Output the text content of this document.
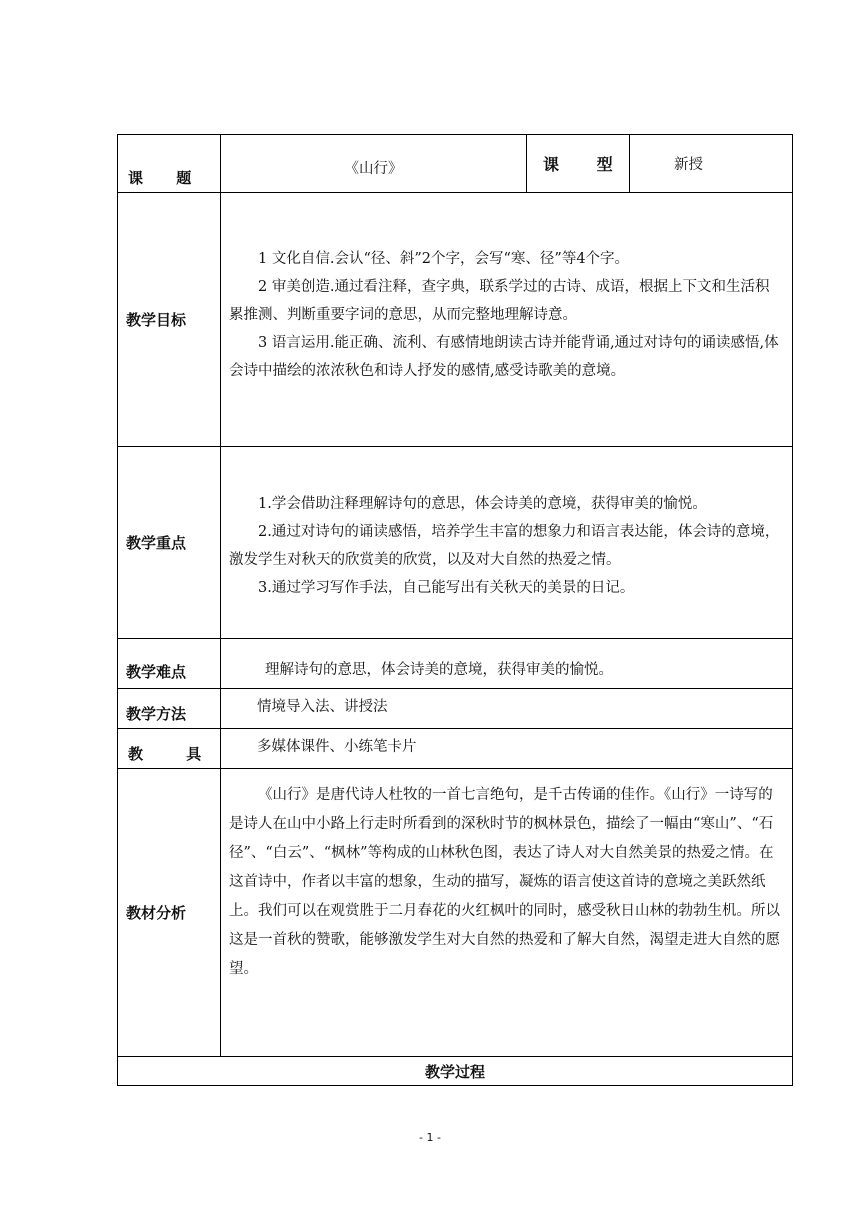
课 题	《山行》	课 型	新授
教学目标	1 文化自信.会认“径、斜”2个字，会写“寒、径”等4个字。

2 审美创造.通过看注释，查字典，联系学过的古诗、成语，根据上下文和生活积累推测、判断重要字词的意思，从而完整地理解诗意。

3 语言运用.能正确、流利、有感情地朗读古诗并能背诵,通过对诗句的诵读感悟,体会诗中描绘的浓浓秋色和诗人抒发的感情,感受诗歌美的意境。		

教学重点	1.学会借助注释理解诗句的意思，体会诗美的意境，获得审美的愉悦。

2.通过对诗句的诵读感悟，培养学生丰富的想象力和语言表达能，体会诗的意境，激发学生对秋天的欣赏美的欣赏，以及对大自然的热爱之情。

3.通过学习写作手法，自己能写出有关秋天的美景的日记。		

教学难点	理解诗句的意思，体会诗美的意境，获得审美的愉悦。		
教学方法	情境导入法、讲授法		
教 具	多媒体课件、小练笔卡片		
教材分析	《山行》是唐代诗人杜牧的一首七言绝句，是千古传诵的佳作。《山行》一诗写的是诗人在山中小路上行走时所看到的深秋时节的枫林景色，描绘了一幅由“寒山”、“石径”、“白云”、“枫林”等构成的山林秋色图，表达了诗人对大自然美景的热爱之情。在这首诗中，作者以丰富的想象，生动的描写，凝炼的语言使这首诗的意境之美跃然纸上。我们可以在观赏胜于二月春花的火红枫叶的同时，感受秋日山林的勃勃生机。所以这是一首秋的赞歌，能够激发学生对大自然的热爱和了解大自然，渴望走进大自然的愿望。		

教学过程			
- 1 -
